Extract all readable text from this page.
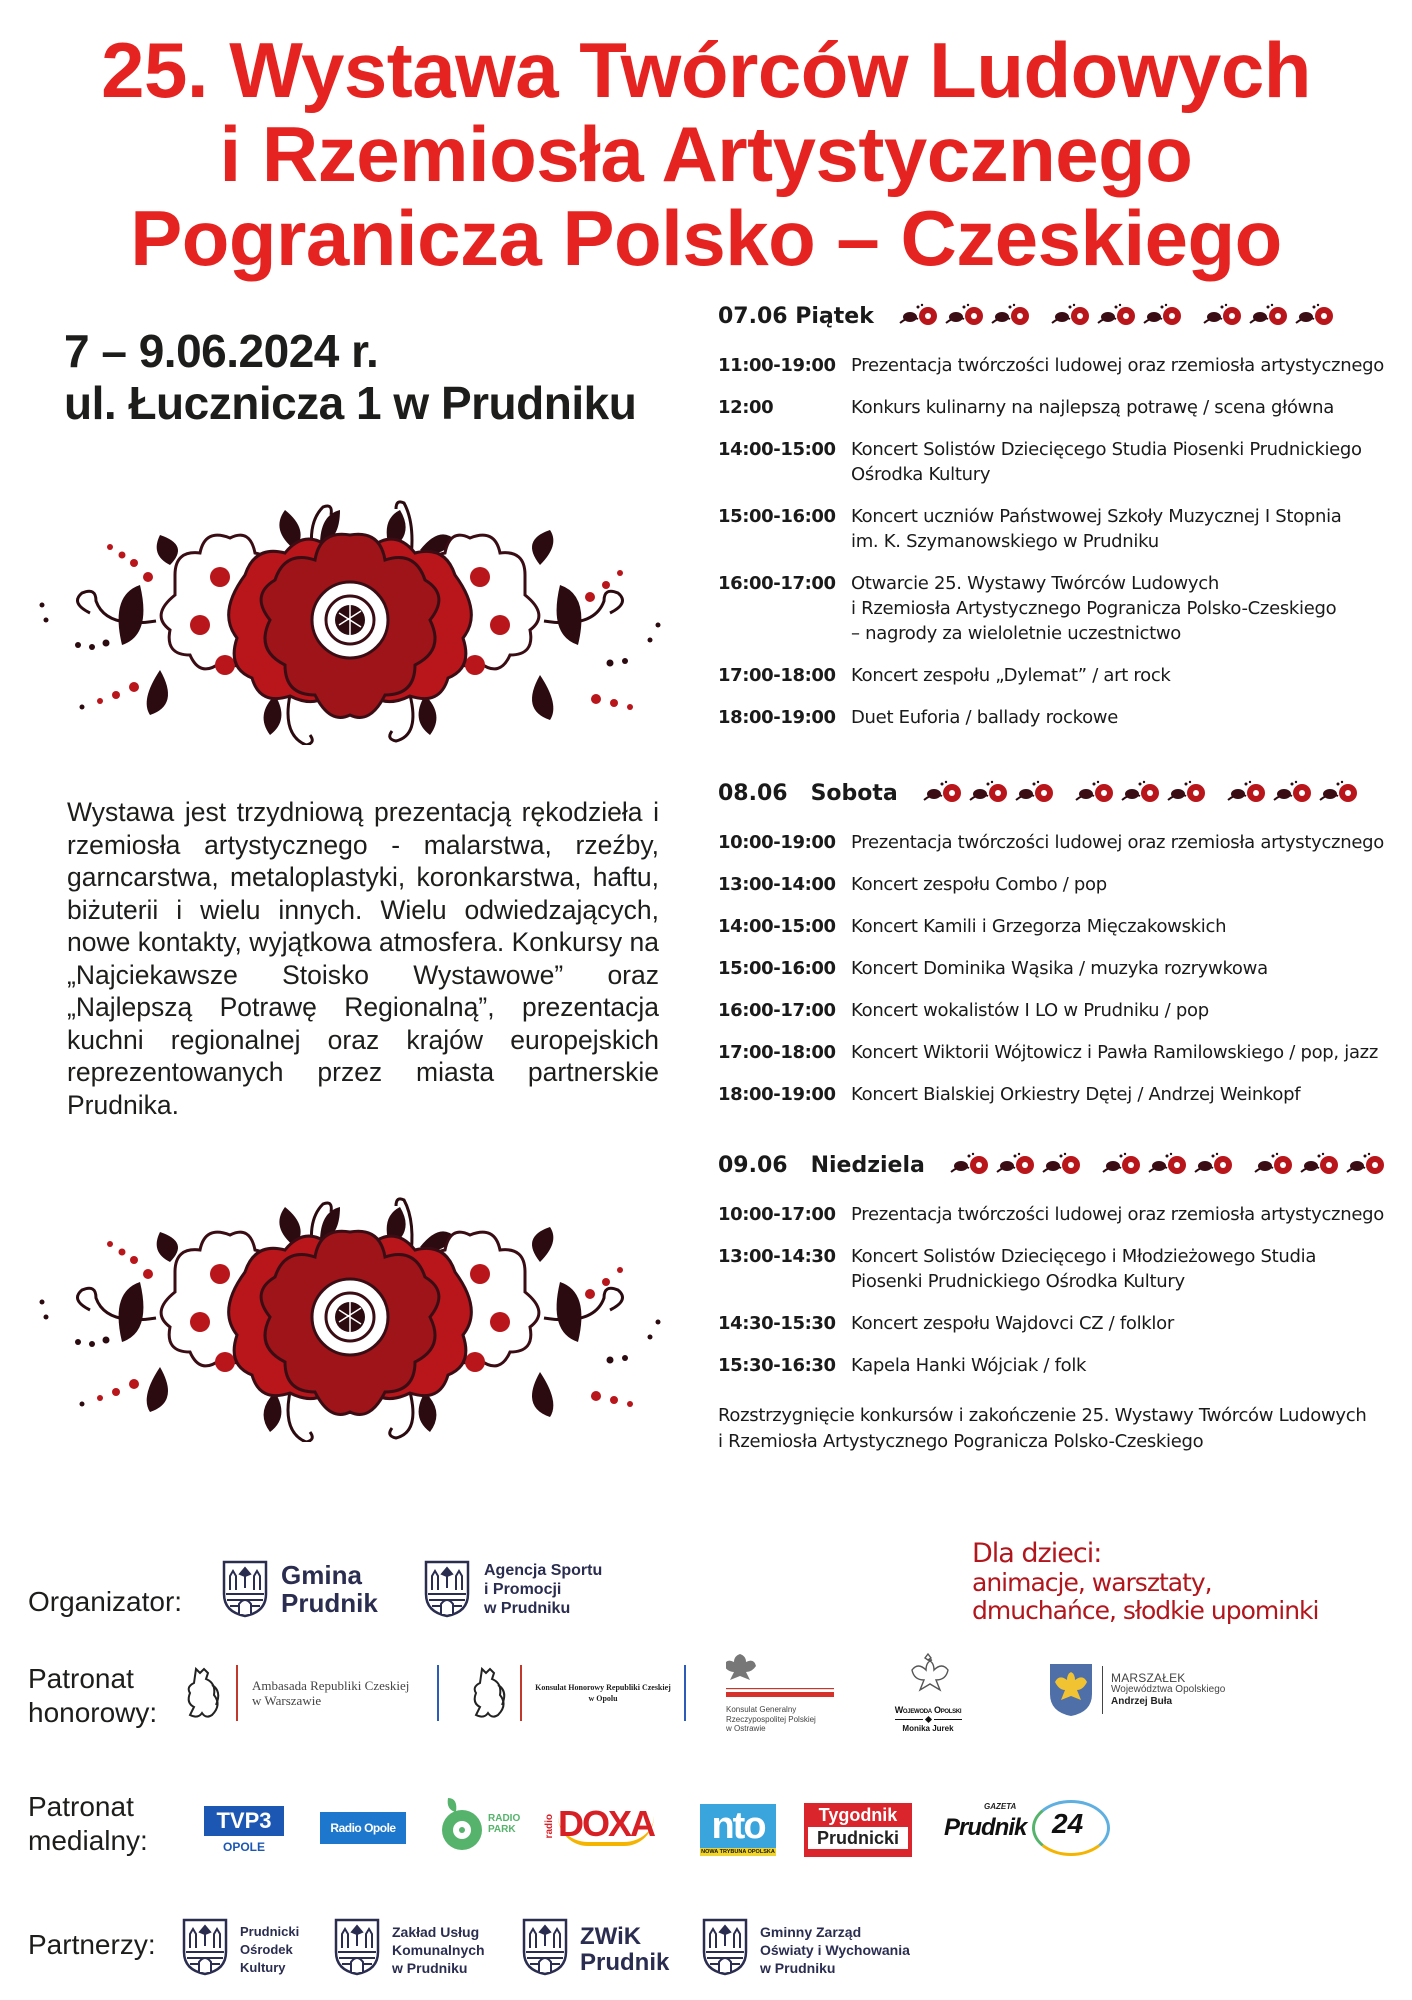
25. Wystawa Twórców Ludowych
i Rzemiosła Artystycznego
Pogranicza Polsko – Czeskiego
7 – 9.06.2024 r.
ul. Łucznicza 1 w Prudniku
Wystawa jest trzydniową prezentacją rękodzieła i rzemiosła artystycznego - malarstwa, rzeźby, garncarstwa, metaloplastyki, koronkarstwa, haftu, biżuterii i wielu innych. Wielu odwiedzających, nowe kontakty, wyjątkowa atmosfera. Konkursy na „Najciekawsze Stoisko Wystawowe” oraz „Najlepszą Potrawę Regionalną”, prezentacja kuchni regionalnej oraz krajów europejskich reprezentowanych przez miasta partnerskie Prudnika.
07.06 Piątek
11:00-19:00 Prezentacja twórczości ludowej oraz rzemiosła artystycznego
12:00	Konkurs kulinarny na najlepszą potrawę / scena główna
14:00-15:00 Koncert Solistów Dziecięcego Studia Piosenki Prudnickiego
Ośrodka Kultury
15:00-16:00 Koncert uczniów Państwowej Szkoły Muzycznej I Stopnia
im. K. Szymanowskiego w Prudniku
16:00-17:00 Otwarcie 25. Wystawy Twórców Ludowych
i Rzemiosła Artystycznego Pogranicza Polsko-Czeskiego
– nagrody za wieloletnie uczestnictwo
17:00-18:00 Koncert zespołu „Dylemat” / art rock
18:00-19:00 Duet Euforia / ballady rockowe
08.06   Sobota
10:00-19:00 Prezentacja twórczości ludowej oraz rzemiosła artystycznego
13:00-14:00 Koncert zespołu Combo / pop
14:00-15:00 Koncert Kamili i Grzegorza Mięczakowskich
15:00-16:00 Koncert Dominika Wąsika / muzyka rozrywkowa
16:00-17:00 Koncert wokalistów I LO w Prudniku / pop
17:00-18:00 Koncert Wiktorii Wójtowicz i Pawła Ramilowskiego / pop, jazz
18:00-19:00 Koncert Bialskiej Orkiestry Dętej / Andrzej Weinkopf
09.06   Niedziela
10:00-17:00 Prezentacja twórczości ludowej oraz rzemiosła artystycznego
13:00-14:30 Koncert Solistów Dziecięcego i Młodzieżowego Studia
Piosenki Prudnickiego Ośrodka Kultury
14:30-15:30 Koncert zespołu Wajdovci CZ / folklor
15:30-16:30 Kapela Hanki Wójciak / folk
Rozstrzygnięcie konkursów i zakończenie 25. Wystawy Twórców Ludowych
i Rzemiosła Artystycznego Pogranicza Polsko-Czeskiego
Dla dzieci:
animacje, warsztaty,
dmuchańce, słodkie upominki
Organizator:
Gmina
Prudnik
Agencja Sportu
i Promocji
w Prudniku
Patronat
honorowy:
Ambasada Republiki Czeskiej
w Warszawie
Konsulat Honorowy Republiki Czeskiej
w Opolu
Konsulat Generalny
Rzeczypospolitej Polskiej
w Ostrawie
Wojewoda Opolski
Monika Jurek
MARSZAŁEK
Województwa Opolskiego
Andrzej Buła
Patronat
medialny:
TVP3
OPOLE
Radio Opole
RADIO
PARK	radio DOXA	nto
NOWA TRYBUNA OPOLSKA
Tygodnik
Prudnicki
GAZETA
Prudnik 24
Partnerzy:	Prudnicki
Ośrodek
Kultury
Zakład Usług
Komunalnych
w Prudniku
ZWiK
Prudnik
Gminny Zarząd
Oświaty i Wychowania
w Prudniku
